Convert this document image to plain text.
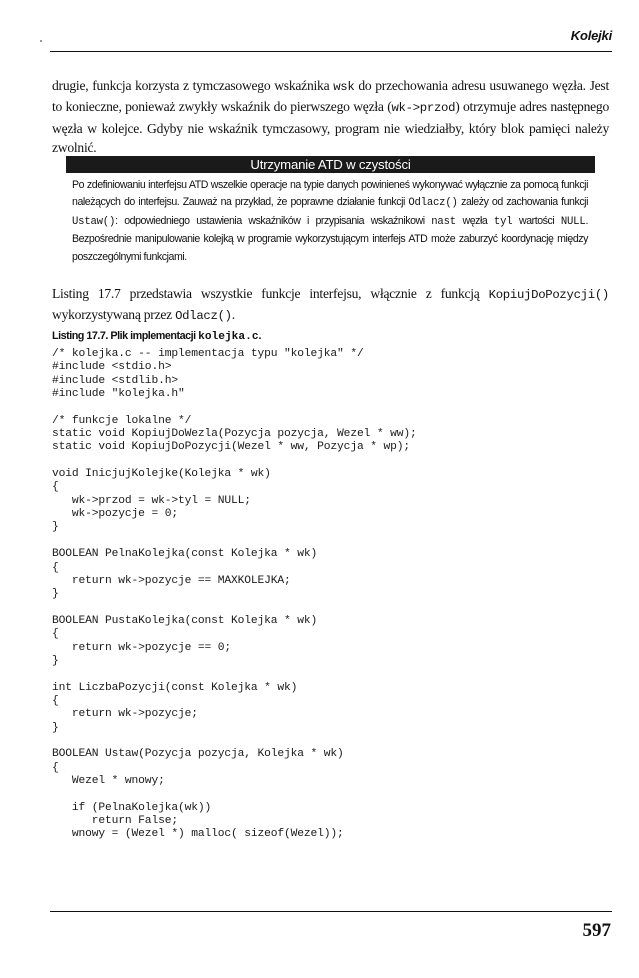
Kolejki
drugie, funkcja korzysta z tymczasowego wskaźnika wsk do przechowania adresu usuwanego węzła. Jest to konieczne, ponieważ zwykły wskaźnik do pierwszego węzła (wk->przod) otrzymuje adres następnego węzła w kolejce. Gdyby nie wskaźnik tymczasowy, program nie wiedziałby, który blok pamięci należy zwolnić.
Utrzymanie ATD w czystości
Po zdefiniowaniu interfejsu ATD wszelkie operacje na typie danych powinieneś wykonywać wyłącznie za pomocą funkcji należących do interfejsu. Zauważ na przykład, że poprawne działanie funkcji Odlacz() zależy od zachowania funkcji Ustaw(): odpowiedniego ustawienia wskaźników i przypisania wskaźnikowi nast węzła tyl wartości NULL. Bezpośrednie manipulowanie kolejką w programie wykorzystującym interfejs ATD może zaburzyć koordynację między poszczególnymi funkcjami.
Listing 17.7 przedstawia wszystkie funkcje interfejsu, włącznie z funkcją KopiujDoPozycji() wykorzystywaną przez Odlacz().
Listing 17.7. Plik implementacji kolejka.c.
/* kolejka.c -- implementacja typu "kolejka" */
#include <stdio.h>
#include <stdlib.h>
#include "kolejka.h"

/* funkcje lokalne */
static void KopiujDoWezla(Pozycja pozycja, Wezel * ww);
static void KopiujDoPozycji(Wezel * ww, Pozycja * wp);

void InicjujKolejke(Kolejka * wk)
{
wk->przod = wk->tyl = NULL;
wk->pozycje = 0;
}

BOOLEAN PelnaKolejka(const Kolejka * wk)
{
return wk->pozycje == MAXKOLEJKA;
}

BOOLEAN PustaKolejka(const Kolejka * wk)
{
return wk->pozycje == 0;
}

int LiczbaPozycji(const Kolejka * wk)
{
return wk->pozycje;
}

BOOLEAN Ustaw(Pozycja pozycja, Kolejka * wk)
{
Wezel * wnowy;

if (PelnaKolejka(wk))
return False;
wnowy = (Wezel *) malloc( sizeof(Wezel));
597
